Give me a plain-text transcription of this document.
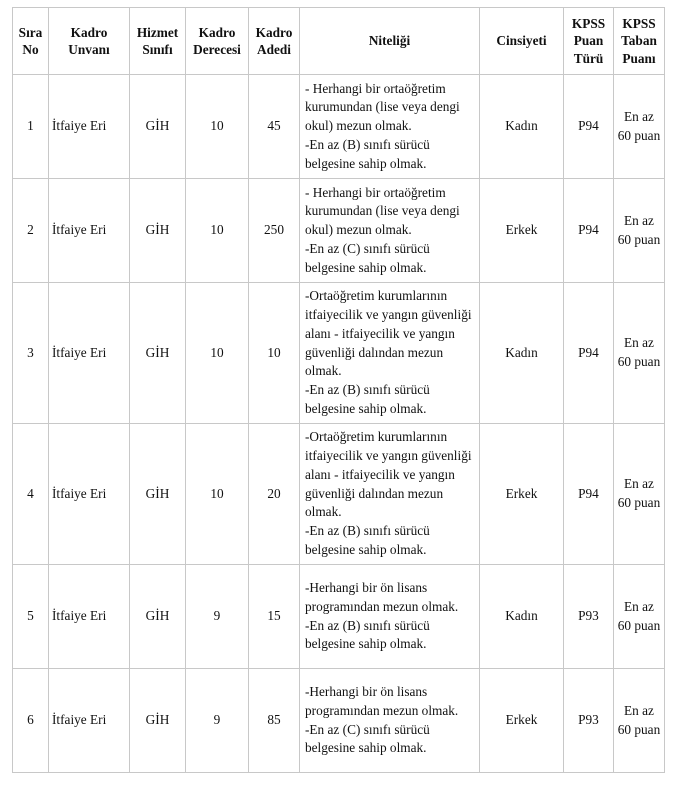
Sıra No	Kadro Unvanı	Hizmet Sınıfı	Kadro Derecesi	Kadro Adedi	Niteliği	Cinsiyeti	KPSS Puan Türü	KPSS Taban Puanı
1	İtfaiye Eri	GİH	10	45	- Herhangi bir ortaöğretim kurumundan (lise veya dengi okul) mezun olmak.
-En az (B) sınıfı sürücü belgesine sahip olmak.	Kadın	P94	En az 60 puan
2	İtfaiye Eri	GİH	10	250	- Herhangi bir ortaöğretim kurumundan (lise veya dengi okul) mezun olmak.
-En az (C) sınıfı sürücü belgesine sahip olmak.	Erkek	P94	En az 60 puan
3	İtfaiye Eri	GİH	10	10	-Ortaöğretim kurumlarının itfaiyecilik ve yangın güvenliği alanı - itfaiyecilik ve yangın güvenliği dalından mezun olmak.
-En az (B) sınıfı sürücü belgesine sahip olmak.	Kadın	P94	En az 60 puan
4	İtfaiye Eri	GİH	10	20	-Ortaöğretim kurumlarının itfaiyecilik ve yangın güvenliği alanı - itfaiyecilik ve yangın güvenliği dalından mezun olmak.
-En az (B) sınıfı sürücü belgesine sahip olmak.	Erkek	P94	En az 60 puan
5	İtfaiye Eri	GİH	9	15	-Herhangi bir ön lisans programından mezun olmak.
-En az (B) sınıfı sürücü belgesine sahip olmak.	Kadın	P93	En az 60 puan
6	İtfaiye Eri	GİH	9	85	-Herhangi bir ön lisans programından mezun olmak.
-En az (C) sınıfı sürücü belgesine sahip olmak.	Erkek	P93	En az 60 puan
